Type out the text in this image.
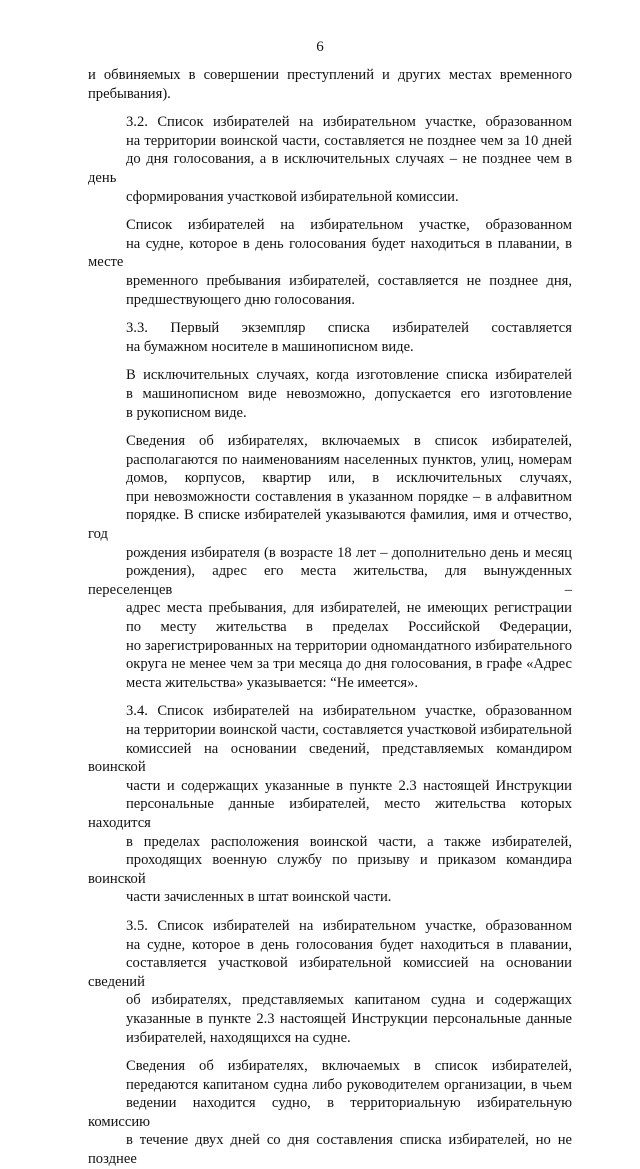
6
и обвиняемых в совершении преступлений и других местах временного
пребывания).
3.2. Список избирателей на избирательном участке, образованном
на территории воинской части, составляется не позднее чем за 10 дней
до дня голосования, а в исключительных случаях – не позднее чем в день
сформирования участковой избирательной комиссии.
Список избирателей на избирательном участке, образованном
на судне, которое в день голосования будет находиться в плавании, в месте
временного пребывания избирателей, составляется не позднее дня,
предшествующего дню голосования.
3.3. Первый экземпляр списка избирателей составляется
на бумажном носителе в машинописном виде.
В исключительных случаях, когда изготовление списка избирателей
в машинописном виде невозможно, допускается его изготовление
в рукописном виде.
Сведения об избирателях, включаемых в список избирателей,
располагаются по наименованиям населенных пунктов, улиц, номерам
домов, корпусов, квартир или, в исключительных случаях,
при невозможности составления в указанном порядке – в алфавитном
порядке. В списке избирателей указываются фамилия, имя и отчество, год
рождения избирателя (в возрасте 18 лет – дополнительно день и месяц
рождения), адрес его места жительства, для вынужденных переселенцев –
адрес места пребывания, для избирателей, не имеющих регистрации
по месту жительства в пределах Российской Федерации,
но зарегистрированных на территории одномандатного избирательного
округа не менее чем за три месяца до дня голосования, в графе «Адрес
места жительства» указывается: “Не имеется».
3.4. Список избирателей на избирательном участке, образованном
на территории воинской части, составляется участковой избирательной
комиссией на основании сведений, представляемых командиром воинской
части и содержащих указанные в пункте 2.3 настоящей Инструкции
персональные данные избирателей, место жительства которых находится
в пределах расположения воинской части, а также избирателей,
проходящих военную службу по призыву и приказом командира воинской
части зачисленных в штат воинской части.
3.5. Список избирателей на избирательном участке, образованном
на судне, которое в день голосования будет находиться в плавании,
составляется участковой избирательной комиссией на основании сведений
об избирателях, представляемых капитаном судна и содержащих
указанные в пункте 2.3 настоящей Инструкции персональные данные
избирателей, находящихся на судне.
Сведения об избирателях, включаемых в список избирателей,
передаются капитаном судна либо руководителем организации, в чьем
ведении находится судно, в территориальную избирательную комиссию
в течение двух дней со дня составления списка избирателей, но не позднее
